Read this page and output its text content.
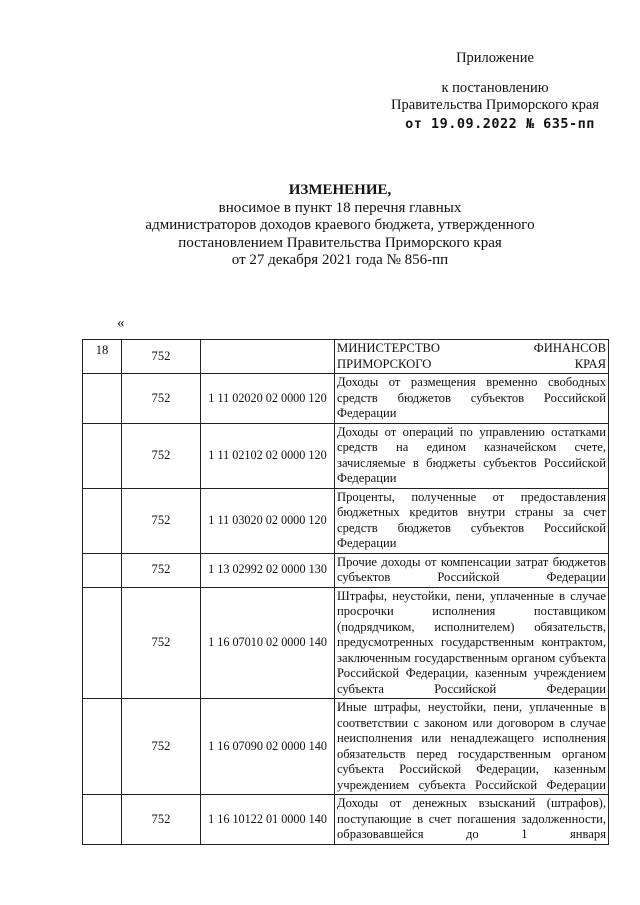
Приложение
к постановлению
Правительства Приморского края
от 19.09.2022 № 635-пп
ИЗМЕНЕНИЕ,
вносимое в пункт 18 перечня главных
администраторов доходов краевого бюджета, утвержденного
постановлением Правительства Приморского края
от 27 декабря 2021 года № 856-пп
«
18	752		МИНИСТЕРСТВО ФИНАНСОВ ПРИМОРСКОГО КРАЯ
	752	1 11 02020 02 0000 120	Доходы от размещения временно свободных средств бюджетов субъектов Российской Федерации
	752	1 11 02102 02 0000 120	Доходы от операций по управлению остатками средств на едином казначейском счете, зачисляемые в бюджеты субъектов Российской Федерации
	752	1 11 03020 02 0000 120	Проценты, полученные от предоставления бюджетных кредитов внутри страны за счет средств бюджетов субъектов Российской Федерации
	752	1 13 02992 02 0000 130	Прочие доходы от компенсации затрат бюджетов субъектов Российской Федерации
	752	1 16 07010 02 0000 140	Штрафы, неустойки, пени, уплаченные в случае просрочки исполнения поставщиком (подрядчиком, исполнителем) обязательств, предусмотренных государственным контрактом, заключенным государственным органом субъекта Российской Федерации, казенным учреждением субъекта Российской Федерации
	752	1 16 07090 02 0000 140	Иные штрафы, неустойки, пени, уплаченные в соответствии с законом или договором в случае неисполнения или ненадлежащего исполнения обязательств перед государственным органом субъекта Российской Федерации, казенным учреждением субъекта Российской Федерации
	752	1 16 10122 01 0000 140	Доходы от денежных взысканий (штрафов), поступающие в счет погашения задолженности, образовавшейся до 1 января
